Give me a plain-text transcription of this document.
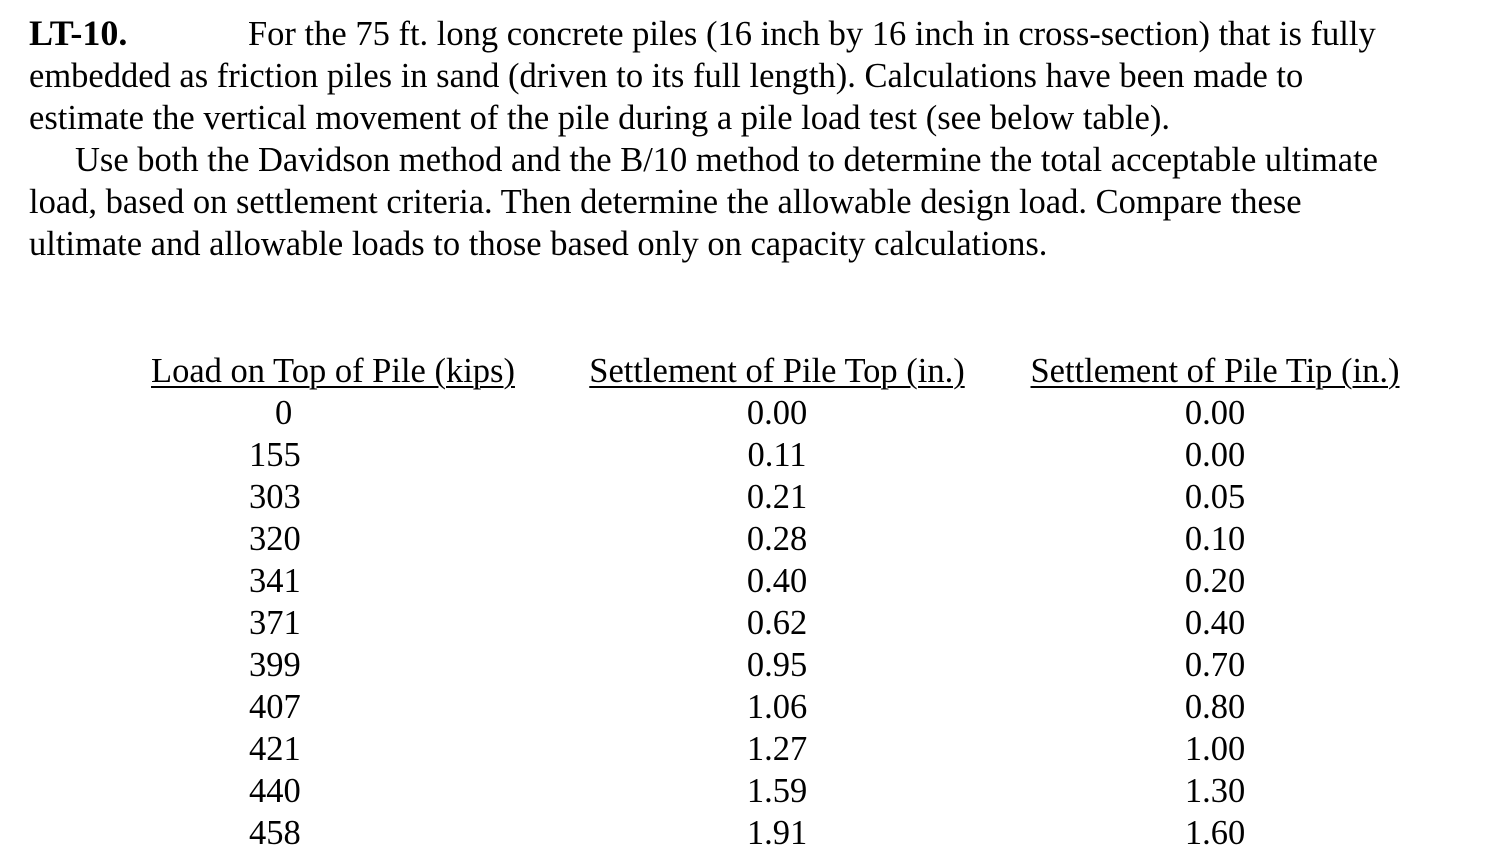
LT-10.	For the 75 ft. long concrete piles (16 inch by 16 inch in cross-section) that is fully

embedded as friction piles in sand (driven to its full length). Calculations have been made to

estimate the vertical movement of the pile during a pile load test (see below table).

Use both the Davidson method and the B/10 method to determine the total acceptable ultimate

load, based on settlement criteria. Then determine the allowable design load. Compare these

ultimate and allowable loads to those based only on capacity calculations.

Load on Top of Pile (kips)
0
155
303
320
341
371
399
407
421
440
458
Settlement of Pile Top (in.)
0.00
0.11
0.21
0.28
0.40
0.62
0.95
1.06
1.27
1.59
1.91
Settlement of Pile Tip (in.)
0.00
0.00
0.05
0.10
0.20
0.40
0.70
0.80
1.00
1.30
1.60
